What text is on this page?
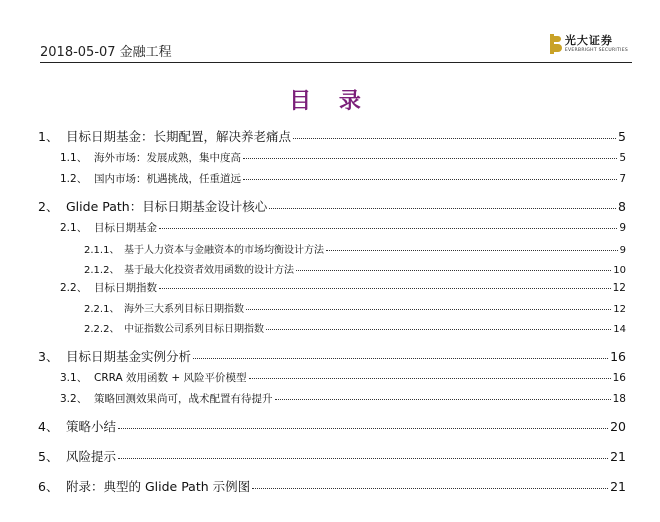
2018-05-07 金融工程
光大证券
EVERBRIGHT SECURITIES
目 录
1、 目标日期基金：长期配置，解决养老痛点	5
1.1、 海外市场：发展成熟，集中度高	5
1.2、 国内市场：机遇挑战，任重道远	7
2、 Glide Path：目标日期基金设计核心	8
2.1、 目标日期基金	9
2.1.1、 基于人力资本与金融资本的市场均衡设计方法	9
2.1.2、 基于最大化投资者效用函数的设计方法	10
2.2、 目标日期指数	12
2.2.1、 海外三大系列目标日期指数	12
2.2.2、 中证指数公司系列目标日期指数	14
3、 目标日期基金实例分析	16
3.1、 CRRA 效用函数 + 风险平价模型	16
3.2、 策略回测效果尚可，战术配置有待提升	18
4、 策略小结	20
5、 风险提示	21
6、 附录：典型的 Glide Path 示例图	21
